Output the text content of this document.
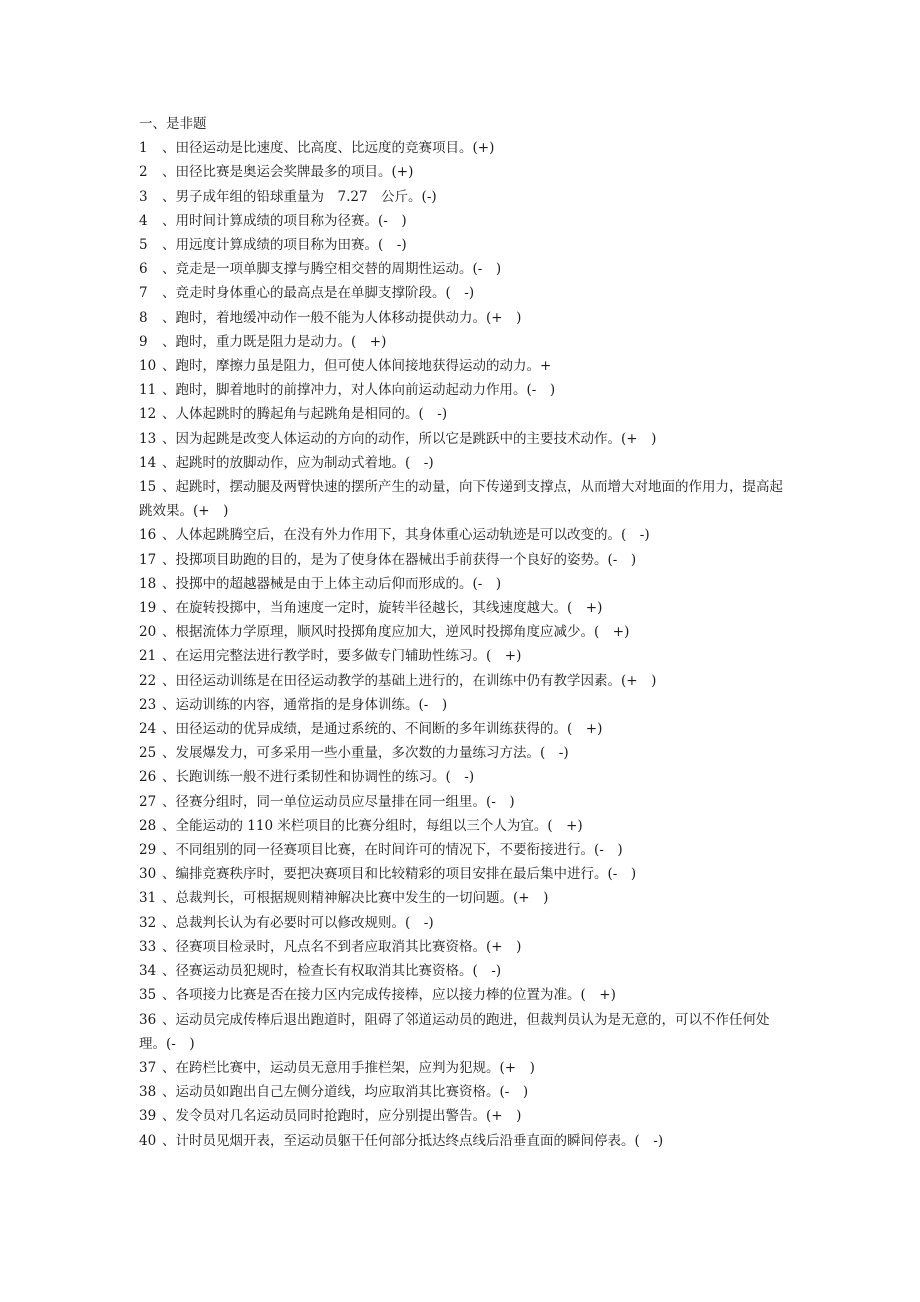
一、是非题
1 、田径运动是比速度、比高度、比远度的竞赛项目。(+)
2 、田径比赛是奥运会奖牌最多的项目。(+)
3 、男子成年组的铅球重量为　7.27　公斤。(-)
4 、用时间计算成绩的项目称为径赛。(-　)
5 、用远度计算成绩的项目称为田赛。(　-)
6 、竞走是一项单脚支撑与腾空相交替的周期性运动。(-　)
7 、竞走时身体重心的最高点是在单脚支撑阶段。(　-)
8 、跑时，着地缓冲动作一般不能为人体移动提供动力。(+　)
9 、跑时，重力既是阻力是动力。(　+)
10 、跑时，摩擦力虽是阻力，但可使人体间接地获得运动的动力。+
11 、跑时，脚着地时的前撑冲力，对人体向前运动起动力作用。(-　)
12 、人体起跳时的腾起角与起跳角是相同的。(　-)
13 、因为起跳是改变人体运动的方向的动作，所以它是跳跃中的主要技术动作。(+　)
14 、起跳时的放脚动作，应为制动式着地。(　-)
15 、起跳时，摆动腿及两臂快速的摆所产生的动量，向下传递到支撑点，从而增大对地面的作用力，提高起跳效果。(+　)
16 、人体起跳腾空后，在没有外力作用下，其身体重心运动轨迹是可以改变的。(　-)
17 、投掷项目助跑的目的，是为了使身体在器械出手前获得一个良好的姿势。(-　)
18 、投掷中的超越器械是由于上体主动后仰而形成的。(-　)
19 、在旋转投掷中，当角速度一定时，旋转半径越长，其线速度越大。(　+)
20 、根据流体力学原理，顺风时投掷角度应加大，逆风时投掷角度应减少。(　+)
21 、在运用完整法进行教学时，要多做专门辅助性练习。(　+)
22 、田径运动训练是在田径运动教学的基础上进行的，在训练中仍有教学因素。(+　)
23 、运动训练的内容，通常指的是身体训练。(-　)
24 、田径运动的优异成绩，是通过系统的、不间断的多年训练获得的。(　+)
25 、发展爆发力，可多采用一些小重量，多次数的力量练习方法。(　-)
26 、长跑训练一般不进行柔韧性和协调性的练习。(　-)
27 、径赛分组时，同一单位运动员应尽量排在同一组里。(-　)
28 、全能运动的 110 米栏项目的比赛分组时，每组以三个人为宜。(　+)
29 、不同组别的同一径赛项目比赛，在时间许可的情况下，不要衔接进行。(-　)
30 、编排竞赛秩序时，要把决赛项目和比较精彩的项目安排在最后集中进行。(-　)
31 、总裁判长，可根据规则精神解决比赛中发生的一切问题。(+　)
32 、总裁判长认为有必要时可以修改规则。(　-)
33 、径赛项目检录时，凡点名不到者应取消其比赛资格。(+　)
34 、径赛运动员犯规时，检查长有权取消其比赛资格。(　-)
35 、各项接力比赛是否在接力区内完成传接棒，应以接力棒的位置为准。(　+)
36 、运动员完成传棒后退出跑道时，阻碍了邻道运动员的跑进，但裁判员认为是无意的，可以不作任何处理。(-　)
37 、在跨栏比赛中，运动员无意用手推栏架，应判为犯规。(+　)
38 、运动员如跑出自己左侧分道线，均应取消其比赛资格。(-　)
39 、发令员对几名运动员同时抢跑时，应分别提出警告。(+　)
40 、计时员见烟开表，至运动员躯干任何部分抵达终点线后沿垂直面的瞬间停表。(　-)
